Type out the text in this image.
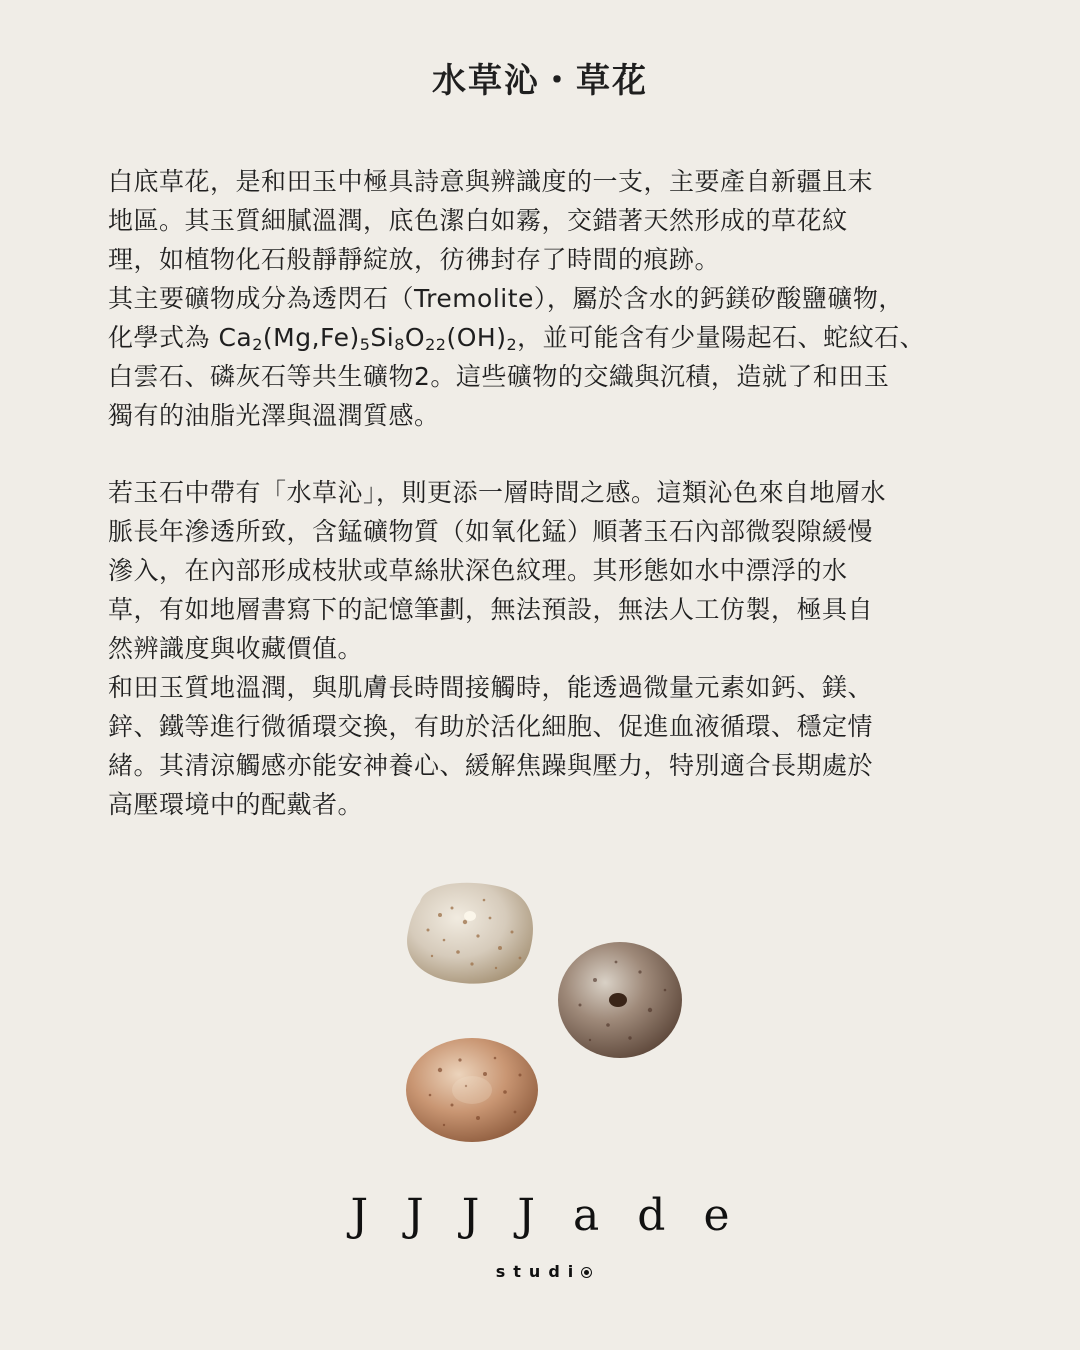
水草沁・草花
白底草花，是和田玉中極具詩意與辨識度的一支，主要產自新疆且末
地區。其玉質細膩溫潤，底色潔白如霧，交錯著天然形成的草花紋
理，如植物化石般靜靜綻放，彷彿封存了時間的痕跡。
其主要礦物成分為透閃石（Tremolite），屬於含水的鈣鎂矽酸鹽礦物，
化學式為 $Ca_2(Mg,Fe)_5Si_8O_{22}(OH)_2$，並可能含有少量陽起石、蛇紋石、
白雲石、磷灰石等共生礦物2。這些礦物的交織與沉積，造就了和田玉
獨有的油脂光澤與溫潤質感。
若玉石中帶有「水草沁」，則更添一層時間之感。這類沁色來自地層水
脈長年滲透所致，含錳礦物質（如氧化錳）順著玉石內部微裂隙緩慢
滲入，在內部形成枝狀或草絲狀深色紋理。其形態如水中漂浮的水
草，有如地層書寫下的記憶筆劃，無法預設，無法人工仿製，極具自
然辨識度與收藏價值。
和田玉質地溫潤，與肌膚長時間接觸時，能透過微量元素如鈣、鎂、
鋅、鐵等進行微循環交換，有助於活化細胞、促進血液循環、穩定情
緒。其清涼觸感亦能安神養心、緩解焦躁與壓力，特別適合長期處於
高壓環境中的配戴者。
JJJJade
studi
